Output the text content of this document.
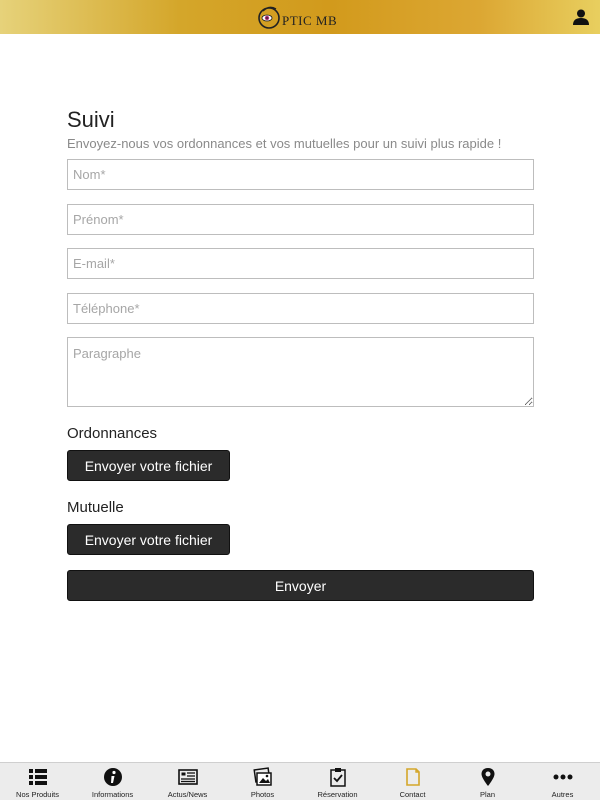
PTIC MB
Suivi
Envoyez-nous vos ordonnances et vos mutuelles pour un suivi plus rapide !
Nom*
Prénom*
E-mail*
Téléphone*
Paragraphe
Ordonnances
Envoyer votre fichier
Mutuelle
Envoyer votre fichier
Envoyer
Nos Produits	Informations	Actus/News	Photos	Réservation	Contact	Plan	Autres
